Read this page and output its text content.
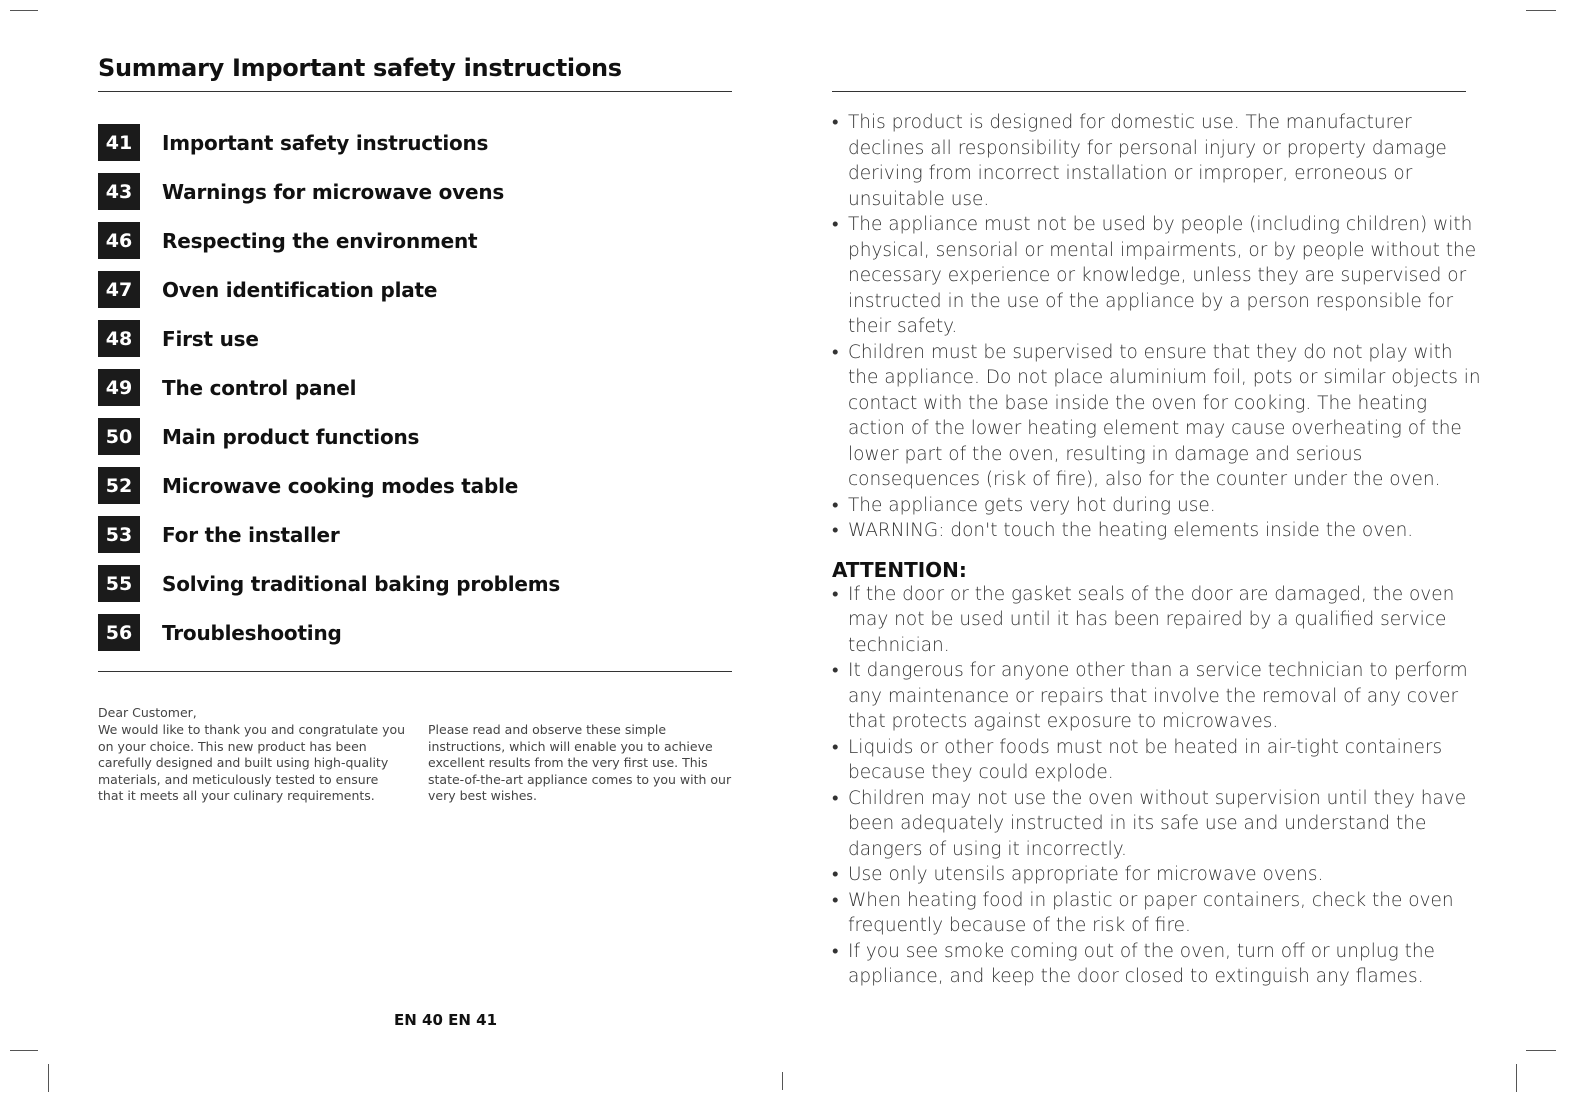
Summary Important safety instructions
41	Important safety instructions
43	Warnings for microwave ovens
46	Respecting the environment
47	Oven identification plate
48	First use
49	The control panel
50	Main product functions
52	Microwave cooking modes table
53	For the installer
55	Solving traditional baking problems
56	Troubleshooting

Dear Customer,

We would like to thank you and congratulate you on your choice. This new product has been carefully designed and built using high-quality materials, and meticulously tested to ensure that it meets all your culinary requirements.

Please read and observe these simple instructions, which will enable you to achieve excellent results from the very first use. This state-of-the-art appliance comes to you with our very best wishes.

EN 40 EN 41
• This product is designed for domestic use. The manufacturer declines all responsibility for personal injury or property damage deriving from incorrect installation or improper, erroneous or unsuitable use.
• The appliance must not be used by people (including children) with physical, sensorial or mental impairments, or by people without the necessary experience or knowledge, unless they are supervised or instructed in the use of the appliance by a person responsible for their safety.
• Children must be supervised to ensure that they do not play with the appliance. Do not place aluminium foil, pots or similar objects in contact with the base inside the oven for cooking. The heating action of the lower heating element may cause overheating of the lower part of the oven, resulting in damage and serious consequences (risk of fire), also for the counter under the oven.
• The appliance gets very hot during use.
• WARNING: don't touch the heating elements inside the oven.
ATTENTION:
• If the door or the gasket seals of the door are damaged, the oven may not be used until it has been repaired by a qualified service technician.
• It dangerous for anyone other than a service technician to perform any maintenance or repairs that involve the removal of any cover that protects against exposure to microwaves.
• Liquids or other foods must not be heated in air-tight containers because they could explode.
• Children may not use the oven without supervision until they have been adequately instructed in its safe use and understand the dangers of using it incorrectly.
• Use only utensils appropriate for microwave ovens.
• When heating food in plastic or paper containers, check the oven frequently because of the risk of fire.
• If you see smoke coming out of the oven, turn off or unplug the appliance, and keep the door closed to extinguish any flames.
